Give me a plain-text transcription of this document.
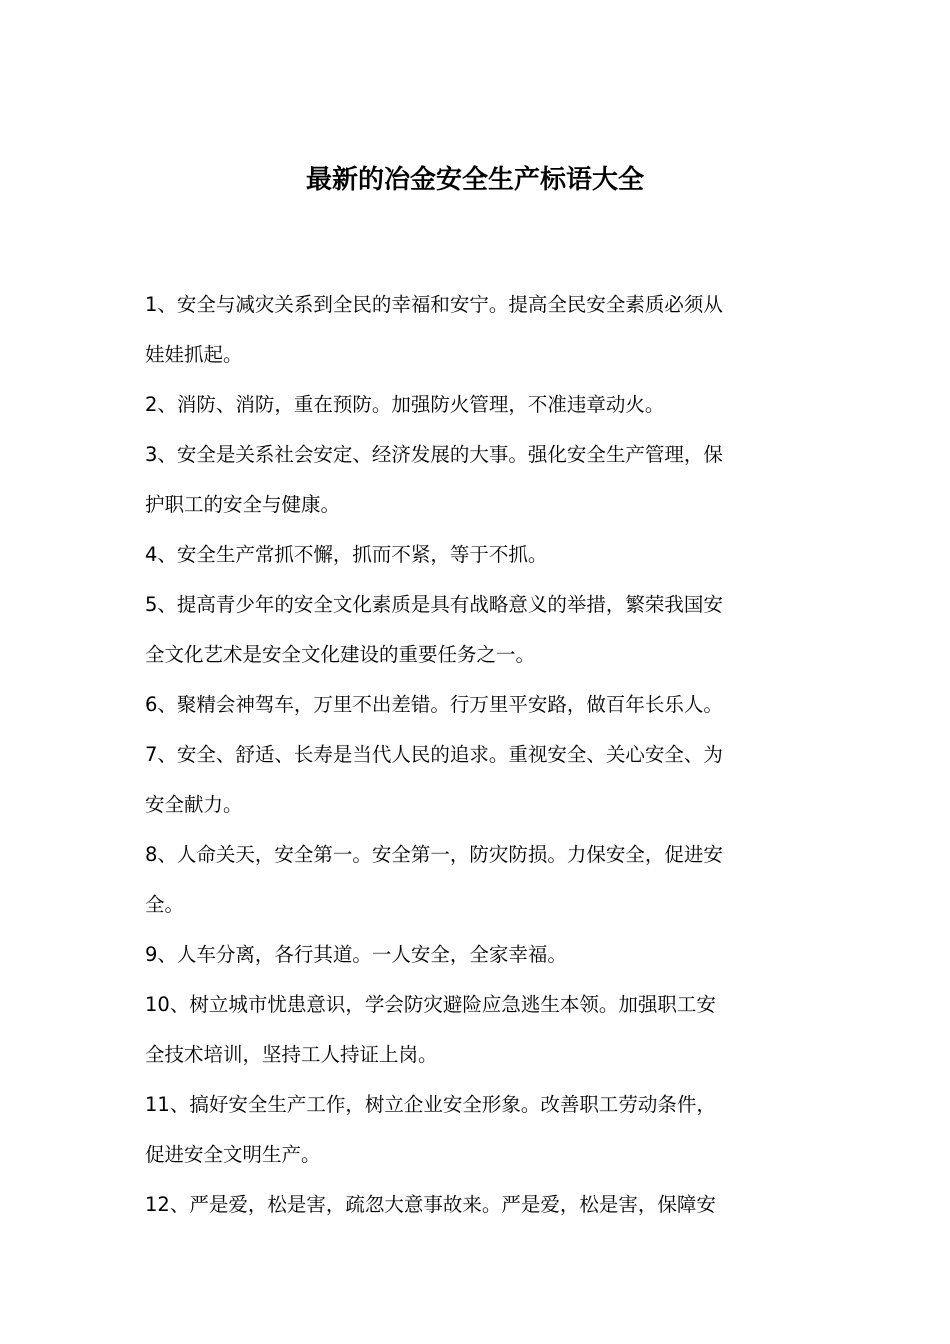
最新的冶金安全生产标语大全
1、安全与减灾关系到全民的幸福和安宁。提高全民安全素质必须从
娃娃抓起。
2、消防、消防，重在预防。加强防火管理，不准违章动火。
3、安全是关系社会安定、经济发展的大事。强化安全生产管理，保
护职工的安全与健康。
4、安全生产常抓不懈，抓而不紧，等于不抓。
5、提高青少年的安全文化素质是具有战略意义的举措，繁荣我国安
全文化艺术是安全文化建设的重要任务之一。
6、聚精会神驾车，万里不出差错。行万里平安路，做百年长乐人。
7、安全、舒适、长寿是当代人民的追求。重视安全、关心安全、为
安全献力。
8、人命关天，安全第一。安全第一，防灾防损。力保安全，促进安
全。
9、人车分离，各行其道。一人安全，全家幸福。
10、树立城市忧患意识，学会防灾避险应急逃生本领。加强职工安
全技术培训，坚持工人持证上岗。
11、搞好安全生产工作，树立企业安全形象。改善职工劳动条件，
促进安全文明生产。
12、严是爱，松是害，疏忽大意事故来。严是爱，松是害，保障安
